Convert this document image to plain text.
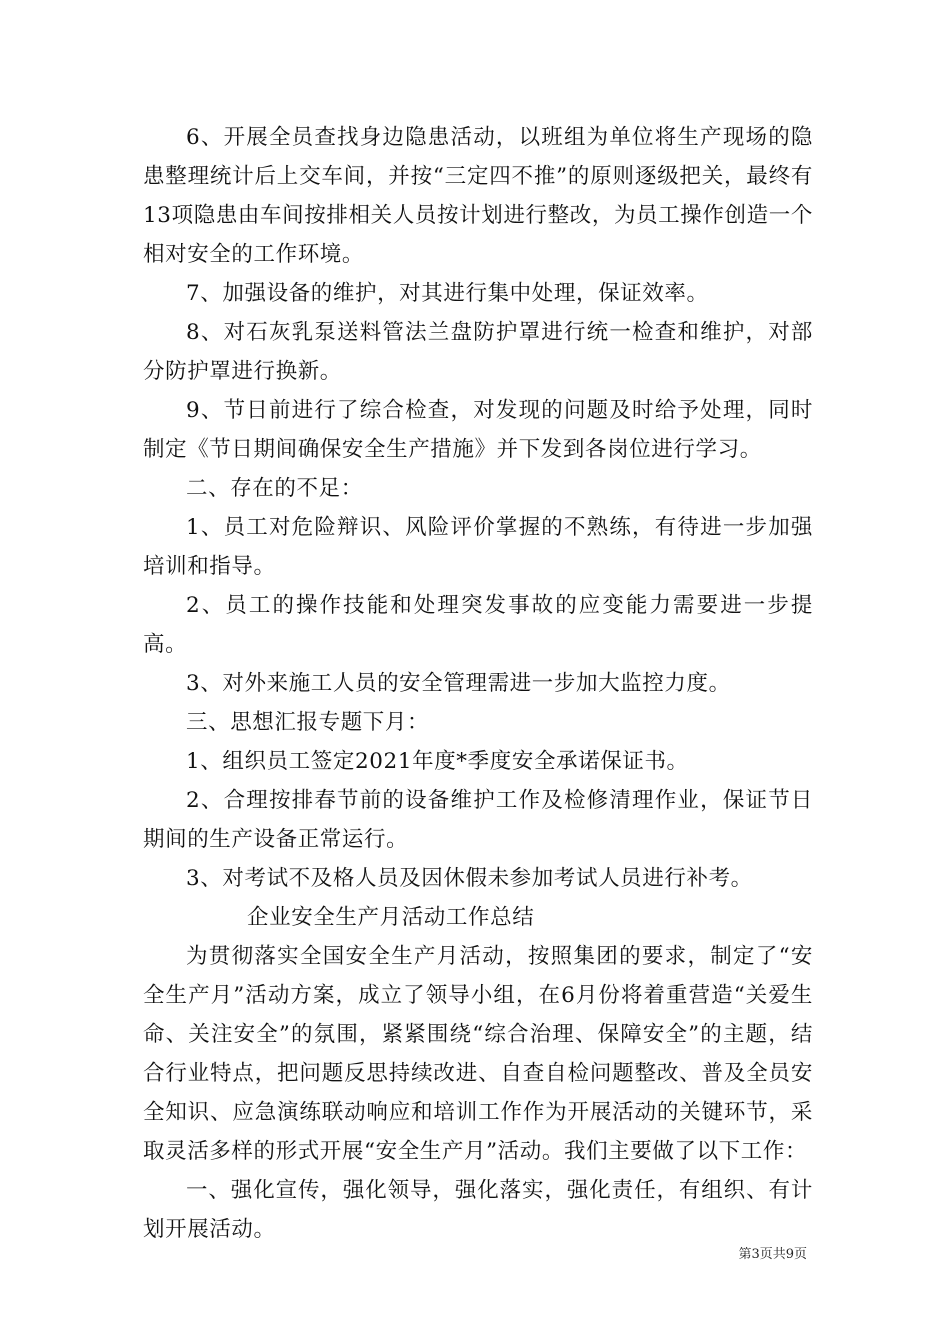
6、开展全员查找身边隐患活动，以班组为单位将生产现场的隐患整理统计后上交车间，并按“三定四不推”的原则逐级把关，最终有13项隐患由车间按排相关人员按计划进行整改，为员工操作创造一个相对安全的工作环境。

7、加强设备的维护，对其进行集中处理，保证效率。

8、对石灰乳泵送料管法兰盘防护罩进行统一检查和维护，对部分防护罩进行换新。

9、节日前进行了综合检查，对发现的问题及时给予处理，同时制定《节日期间确保安全生产措施》并下发到各岗位进行学习。

二、存在的不足：

1、员工对危险辩识、风险评价掌握的不熟练，有待进一步加强培训和指导。

2、员工的操作技能和处理突发事故的应变能力需要进一步提高。

3、对外来施工人员的安全管理需进一步加大监控力度。

三、思想汇报专题下月：

1、组织员工签定2021年度*季度安全承诺保证书。

2、合理按排春节前的设备维护工作及检修清理作业，保证节日期间的生产设备正常运行。

3、对考试不及格人员及因休假未参加考试人员进行补考。

企业安全生产月活动工作总结

为贯彻落实全国安全生产月活动，按照集团的要求，制定了“安全生产月”活动方案，成立了领导小组，在6月份将着重营造“关爱生命、关注安全”的氛围，紧紧围绕“综合治理、保障安全”的主题，结合行业特点，把问题反思持续改进、自查自检问题整改、普及全员安全知识、应急演练联动响应和培训工作作为开展活动的关键环节，采取灵活多样的形式开展“安全生产月”活动。我们主要做了以下工作：

一、强化宣传，强化领导，强化落实，强化责任，有组织、有计划开展活动。

第3页共9页
